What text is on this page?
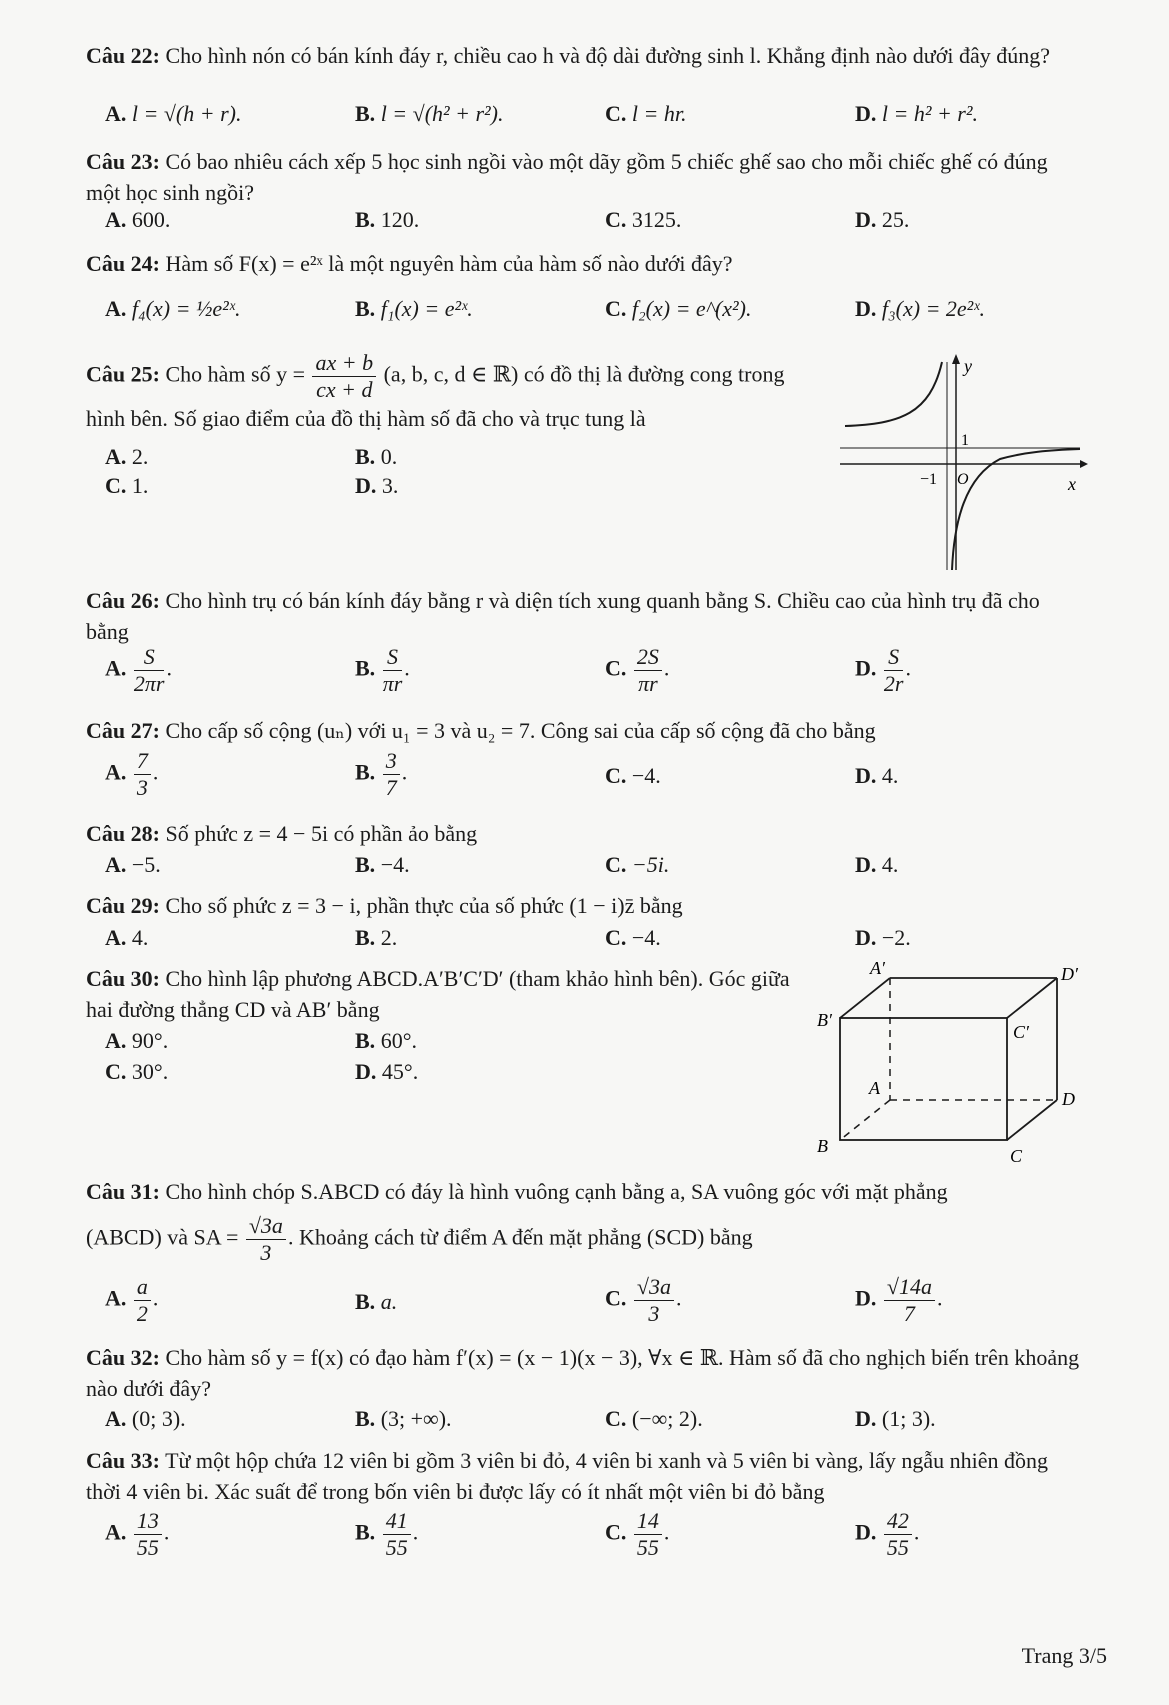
Câu 22: Cho hình nón có bán kính đáy r, chiều cao h và độ dài đường sinh l. Khẳng định nào dưới đây đúng?
A. l = √(h + r).	B. l = √(h² + r²).	C. l = hr.	D. l = h² + r².
Câu 23: Có bao nhiêu cách xếp 5 học sinh ngồi vào một dãy gồm 5 chiếc ghế sao cho mỗi chiếc ghế có đúng một học sinh ngồi?
A. 600.	B. 120.	C. 3125.	D. 25.
Câu 24: Hàm số F(x) = e²ˣ là một nguyên hàm của hàm số nào dưới đây?
A. f₄(x) = ½e²ˣ.	B. f₁(x) = e²ˣ.	C. f₂(x) = e^(x²).	D. f₃(x) = 2e²ˣ.
Câu 25: Cho hàm số $y = \frac{ax + b}{cx + d} (a$, b, c, d ∈ ℝ) có đồ thị là đường cong trong hình bên. Số giao điểm của đồ thị hàm số đã cho và trục tung là
A. 2.	B. 0.
C. 1.	D. 3.
y
x
1
−1 O
Câu 26: Cho hình trụ có bán kính đáy bằng r và diện tích xung quanh bằng S. Chiều cao của hình trụ đã cho bằng
A. $\frac{S}{2\pi r}$ .	B. $\frac{S}{\pi r}$ .	C. $\frac{2S}{\pi r}$ .	D. $\frac{S}{2r}$ .
Câu 27: Cho cấp số cộng (uₙ) với u₁ = 3 và u₂ = 7. Công sai của cấp số cộng đã cho bằng
A. $\frac{7}{3}$ .	B. $\frac{3}{7}$ .	C. −4.	D. 4.
Câu 28: Số phức z = 4 − 5i có phần ảo bằng
A. −5.	B. −4.	C. −5i.	D. 4.
Câu 29: Cho số phức z = 3 − i, phần thực của số phức (1 − i)z̄ bằng
A. 4.	B. 2.	C. −4.	D. −2.
Câu 30: Cho hình lập phương ABCD.A′B′C′D′ (tham khảo hình bên). Góc giữa hai đường thẳng CD và AB′ bằng
A. 90°.	B. 60°.
C. 30°.	D. 45°.
A′	D′
B′
C′
A
D
B	C
Câu 31: Cho hình chóp S.ABCD có đáy là hình vuông cạnh bằng a, SA vuông góc với mặt phẳng
(ABCD) và SA = $\frac{√3a}{3}$ . Khoảng cách từ điểm A đến mặt phẳng (SCD) bằng
A. $\frac{a}{2}$ .	B. a.	C. $\frac{√3a}{3}$ .	D. $\frac{√14a}{7}$ .
Câu 32: Cho hàm số y = f(x) có đạo hàm f′(x) = (x − 1)(x − 3), ∀x ∈ ℝ. Hàm số đã cho nghịch biến trên khoảng nào dưới đây?
A. (0; 3).	B. (3; +∞).	C. (−∞; 2).	D. (1; 3).
Câu 33: Từ một hộp chứa 12 viên bi gồm 3 viên bi đỏ, 4 viên bi xanh và 5 viên bi vàng, lấy ngẫu nhiên đồng thời 4 viên bi. Xác suất để trong bốn viên bi được lấy có ít nhất một viên bi đỏ bằng
A. $\frac{13}{55}$ .	B. $\frac{41}{55}$ .	C. $\frac{14}{55}$ .	D. $\frac{42}{55}$ .
Trang 3/5
